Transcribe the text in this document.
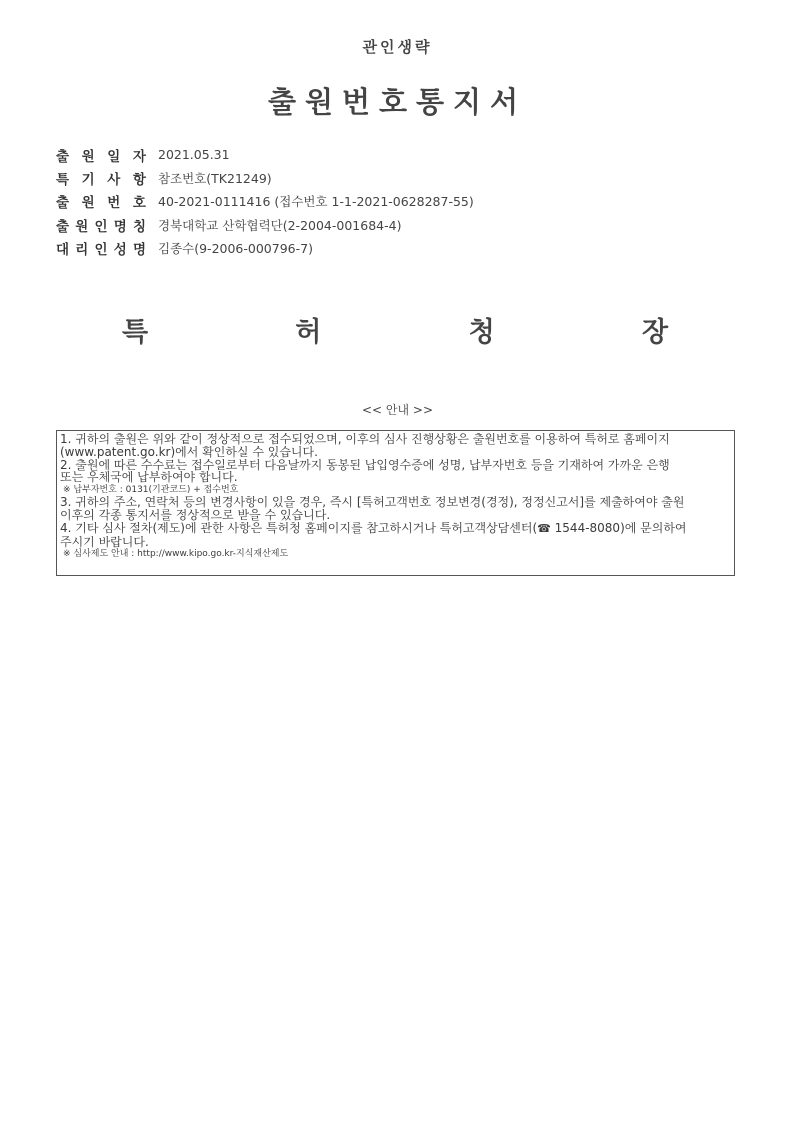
관인생략
출원번호통지서
출 원 일 자 2021.05.31
특 기 사 항 참조번호(TK21249)
출 원 번 호 40-2021-0111416 (접수번호 1-1-2021-0628287-55)
출 원 인 명 칭 경북대학교 산학협력단(2-2004-001684-4)
대 리 인 성 명 김종수(9-2006-000796-7)
특	허	청	장
<< 안내 >>
1. 귀하의 출원은 위와 같이 정상적으로 접수되었으며, 이후의 심사 진행상황은 출원번호를 이용하여 특허로 홈페이지
(www.patent.go.kr)에서 확인하실 수 있습니다.
2. 출원에 따른 수수료는 접수일로부터 다음날까지 동봉된 납입영수증에 성명, 납부자번호 등을 기재하여 가까운 은행
또는 우체국에 납부하여야 합니다.
※ 납부자번호 : 0131(기관코드) + 접수번호
3. 귀하의 주소, 연락처 등의 변경사항이 있을 경우, 즉시 [특허고객번호 정보변경(경정), 정정신고서]를 제출하여야 출원
이후의 각종 통지서를 정상적으로 받을 수 있습니다.
4. 기타 심사 절차(제도)에 관한 사항은 특허청 홈페이지를 참고하시거나 특허고객상담센터(☎ 1544-8080)에 문의하여
주시기 바랍니다.
※ 심사제도 안내 : http://www.kipo.go.kr-지식재산제도
